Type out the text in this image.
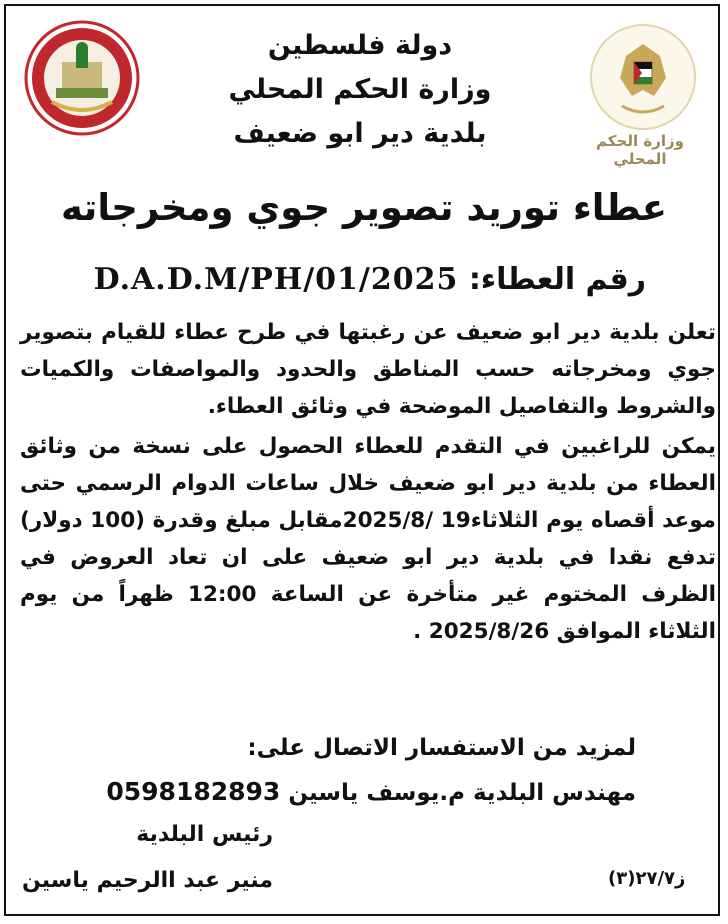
وزارة الحكم المحلي
دولة فلسطين
وزارة الحكم المحلي
بلدية دير ابو ضعيف
عطاء توريد تصوير جوي ومخرجاته
رقم العطاء: D.A.D.M/PH/01/2025

تعلن بلدية دير ابو ضعيف عن رغبتها في طرح عطاء للقيام بتصوير جوي ومخرجاته حسب المناطق والحدود والمواصفات والكميات والشروط والتفاصيل الموضحة في وثائق العطاء.

يمكن للراغبين في التقدم للعطاء الحصول على نسخة من وثائق العطاء من بلدية دير ابو ضعيف خلال ساعات الدوام الرسمي حتى موعد أقصاه يوم الثلاثاء19 /2025/8مقابل مبلغ وقدرة (100 دولار) تدفع نقدا في بلدية دير ابو ضعيف على ان تعاد العروض في الظرف المختوم غير متأخرة عن الساعة 12:00 ظهراً من يوم الثلاثاء الموافق 2025/8/26 .

لمزيد من الاستفسار الاتصال على:
مهندس البلدية م.يوسف ياسين 0598182893
رئيس البلدية
منير عبد االرحيم ياسين	ز٢٧/٧(٣)
